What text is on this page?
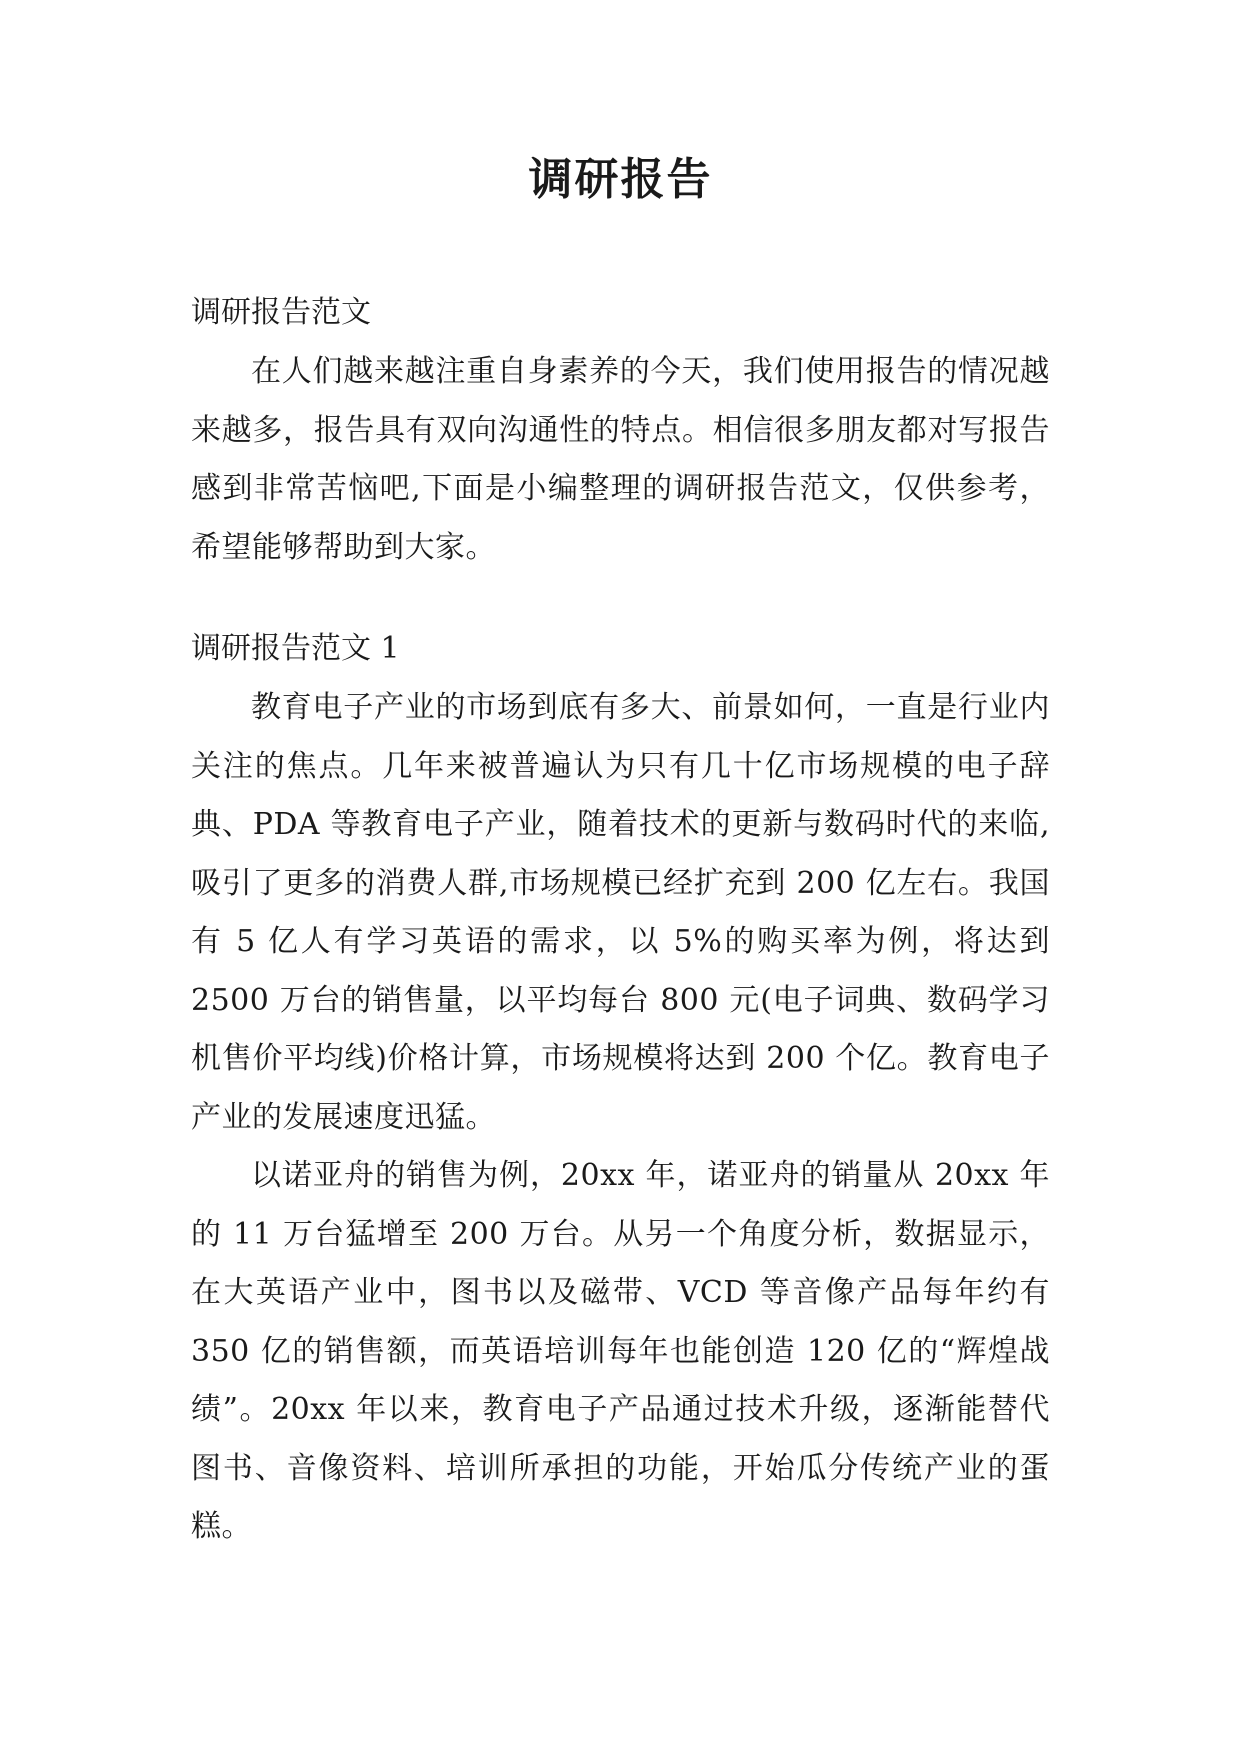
调研报告

调研报告范文

在人们越来越注重自身素养的今天，我们使用报告的情况越来越多，报告具有双向沟通性的特点。相信很多朋友都对写报告感到非常苦恼吧,下面是小编整理的调研报告范文，仅供参考，希望能够帮助到大家。

调研报告范文 1

教育电子产业的市场到底有多大、前景如何，一直是行业内关注的焦点。几年来被普遍认为只有几十亿市场规模的电子辞典、PDA 等教育电子产业，随着技术的更新与数码时代的来临,吸引了更多的消费人群,市场规模已经扩充到 200 亿左右。我国有 5 亿人有学习英语的需求，以 5%的购买率为例，将达到 2500 万台的销售量，以平均每台 800 元(电子词典、数码学习机售价平均线)价格计算，市场规模将达到 200 个亿。教育电子产业的发展速度迅猛。

以诺亚舟的销售为例，20xx 年，诺亚舟的销量从 20xx 年的 11 万台猛增至 200 万台。从另一个角度分析，数据显示，在大英语产业中，图书以及磁带、VCD 等音像产品每年约有 350 亿的销售额，而英语培训每年也能创造 120 亿的“辉煌战绩”。20xx 年以来，教育电子产品通过技术升级，逐渐能替代图书、音像资料、培训所承担的功能，开始瓜分传统产业的蛋糕。
